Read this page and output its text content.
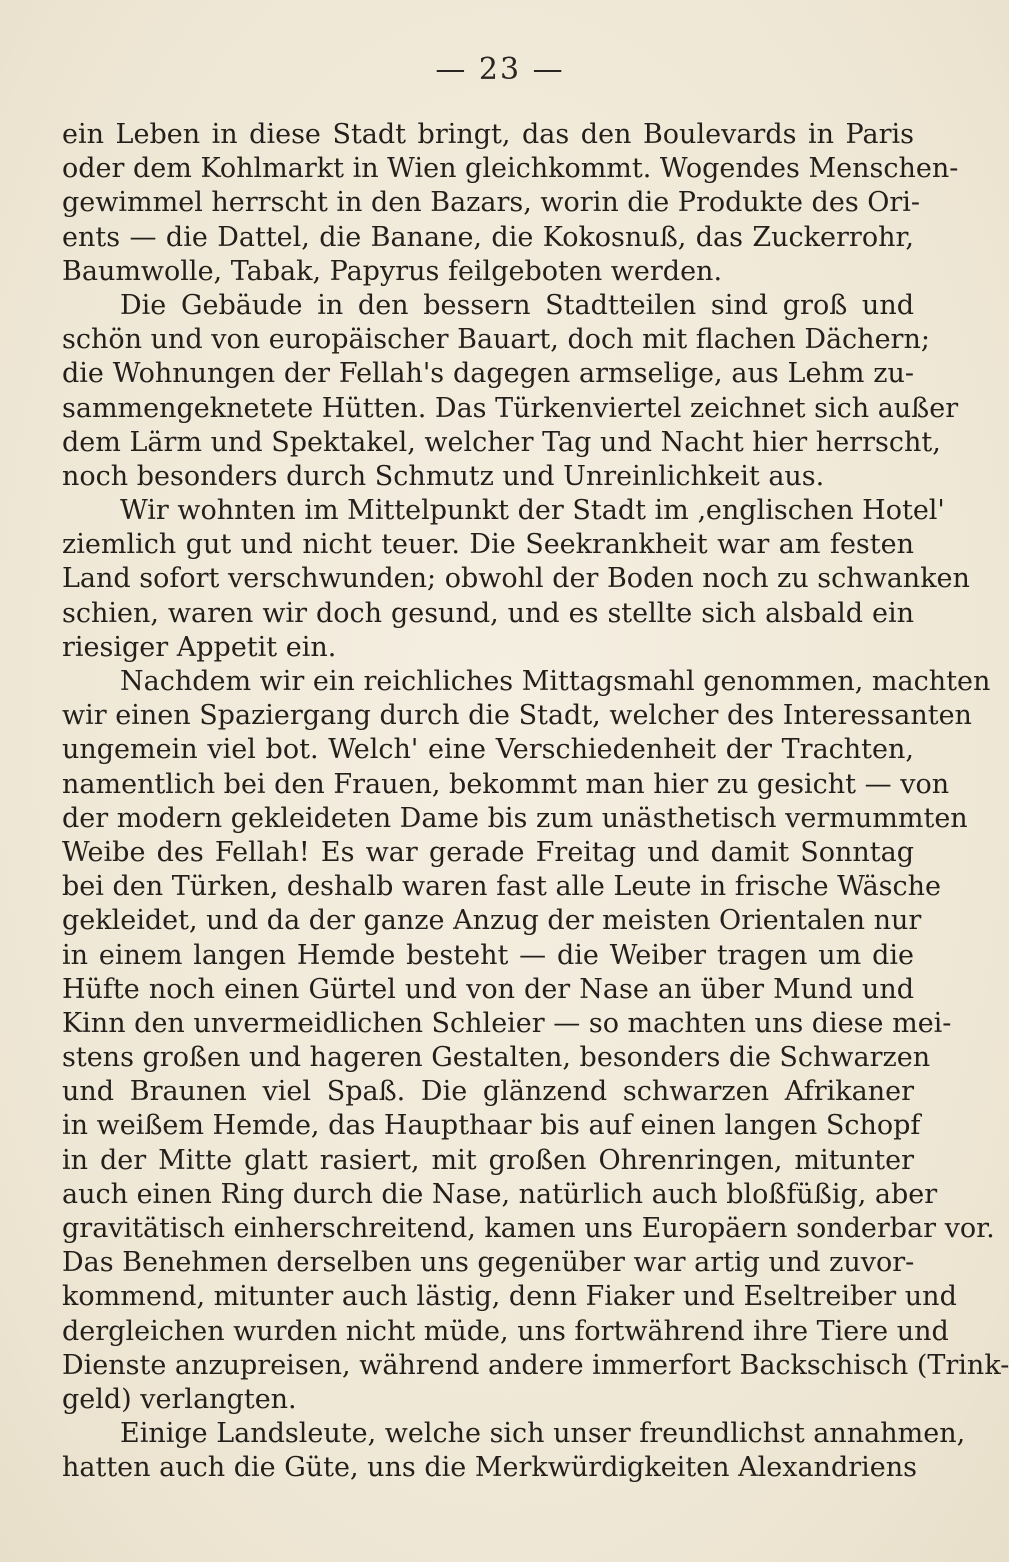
— 23 —
ein Leben in diese Stadt bringt, das den Boulevards in Paris
oder dem Kohlmarkt in Wien gleichkommt. Wogendes Menschen-
gewimmel herrscht in den Bazars, worin die Produkte des Ori-
ents — die Dattel, die Banane, die Kokosnuß, das Zuckerrohr,
Baumwolle, Tabak, Papyrus feilgeboten werden.
Die Gebäude in den bessern Stadtteilen sind groß und
schön und von europäischer Bauart, doch mit flachen Dächern;
die Wohnungen der Fellah's dagegen armselige, aus Lehm zu-
sammengeknetete Hütten. Das Türkenviertel zeichnet sich außer
dem Lärm und Spektakel, welcher Tag und Nacht hier herrscht,
noch besonders durch Schmutz und Unreinlichkeit aus.
Wir wohnten im Mittelpunkt der Stadt im ‚englischen Hotel'
ziemlich gut und nicht teuer. Die Seekrankheit war am festen
Land sofort verschwunden; obwohl der Boden noch zu schwanken
schien, waren wir doch gesund, und es stellte sich alsbald ein
riesiger Appetit ein.
Nachdem wir ein reichliches Mittagsmahl genommen, machten
wir einen Spaziergang durch die Stadt, welcher des Interessanten
ungemein viel bot. Welch' eine Verschiedenheit der Trachten,
namentlich bei den Frauen, bekommt man hier zu gesicht — von
der modern gekleideten Dame bis zum unästhetisch vermummten
Weibe des Fellah! Es war gerade Freitag und damit Sonntag
bei den Türken, deshalb waren fast alle Leute in frische Wäsche
gekleidet, und da der ganze Anzug der meisten Orientalen nur
in einem langen Hemde besteht — die Weiber tragen um die
Hüfte noch einen Gürtel und von der Nase an über Mund und
Kinn den unvermeidlichen Schleier — so machten uns diese mei-
stens großen und hageren Gestalten, besonders die Schwarzen
und Braunen viel Spaß. Die glänzend schwarzen Afrikaner
in weißem Hemde, das Haupthaar bis auf einen langen Schopf
in der Mitte glatt rasiert, mit großen Ohrenringen, mitunter
auch einen Ring durch die Nase, natürlich auch bloßfüßig, aber
gravitätisch einherschreitend, kamen uns Europäern sonderbar vor.
Das Benehmen derselben uns gegenüber war artig und zuvor-
kommend, mitunter auch lästig, denn Fiaker und Eseltreiber und
dergleichen wurden nicht müde, uns fortwährend ihre Tiere und
Dienste anzupreisen, während andere immerfort Backschisch (Trink-
geld) verlangten.
Einige Landsleute, welche sich unser freundlichst annahmen,
hatten auch die Güte, uns die Merkwürdigkeiten Alexandriens
